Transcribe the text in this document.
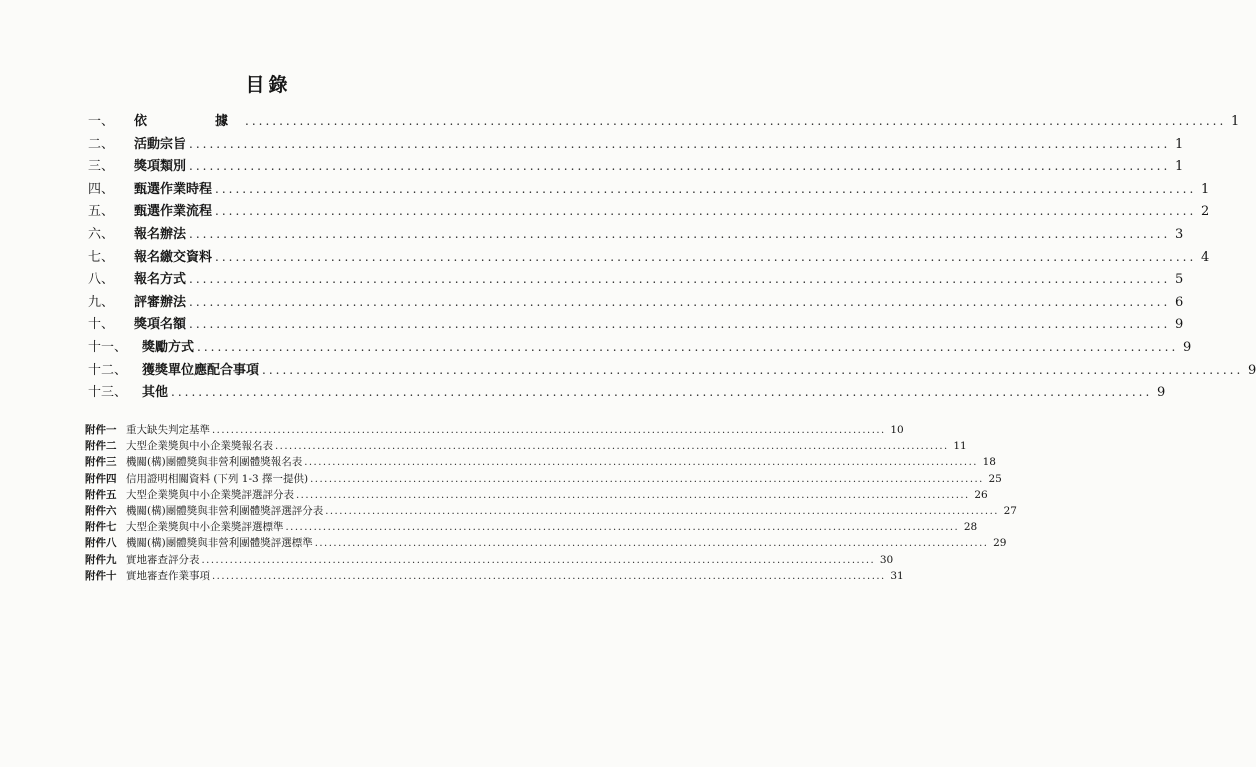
目錄
一、	依　　據 ................................................................................................................................................ 1
二、	活動宗旨 ................................................................................................................................................ 1
三、	獎項類別 ................................................................................................................................................ 1
四、	甄選作業時程 ................................................................................................................................................ 1
五、	甄選作業流程 ................................................................................................................................................ 2
六、	報名辦法 ................................................................................................................................................ 3
七、	報名繳交資料 ................................................................................................................................................ 4
八、	報名方式 ................................................................................................................................................ 5
九、	評審辦法 ................................................................................................................................................ 6
十、	獎項名額 ................................................................................................................................................ 9
十一、	獎勵方式 ................................................................................................................................................ 9
十二、	獲獎單位應配合事項 ................................................................................................................................................ 9
十三、	其他 ................................................................................................................................................ 9
附件一 重大缺失判定基準 ................................................................................................................................................ 10
附件二 大型企業獎與中小企業獎報名表 ................................................................................................................................................ 11
附件三 機關(構)團體獎與非營利團體獎報名表 ................................................................................................................................................ 18
附件四 信用證明相關資料 (下列 1-3 擇一提供) ................................................................................................................................................ 25
附件五 大型企業獎與中小企業獎評選評分表 ................................................................................................................................................ 26
附件六 機關(構)團體獎與非營利團體獎評選評分表 ................................................................................................................................................ 27
附件七 大型企業獎與中小企業獎評選標準 ................................................................................................................................................ 28
附件八 機關(構)團體獎與非營利團體獎評選標準 ................................................................................................................................................ 29
附件九 實地審查評分表 ................................................................................................................................................ 30
附件十 實地審查作業事項 ................................................................................................................................................ 31
